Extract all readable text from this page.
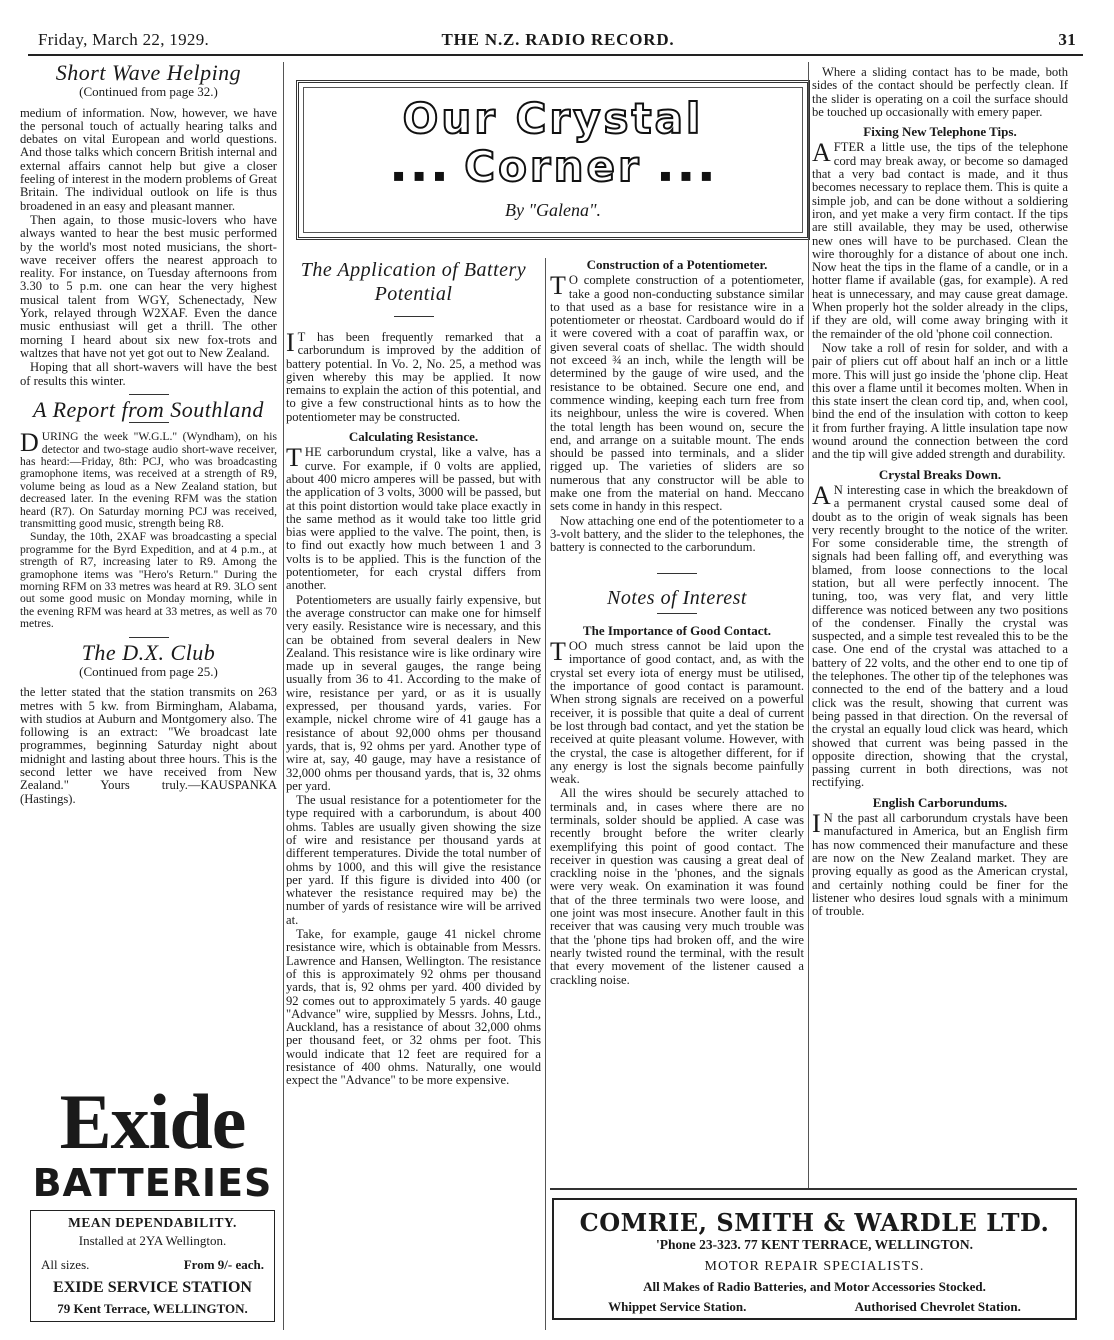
Friday, March 22, 1929.	THE N.Z. RADIO RECORD.	31
Short Wave Helping
(Continued from page 32.)

medium of information. Now, however, we have the personal touch of actually hearing talks and debates on vital European and world questions. And those talks which concern British internal and external affairs cannot help but give a closer feeling of interest in the modern problems of Great Britain. The individual outlook on life is thus broadened in an easy and pleasant manner.

Then again, to those music-lovers who have always wanted to hear the best music performed by the world's most noted musicians, the short-wave receiver offers the nearest approach to reality. For instance, on Tuesday afternoons from 3.30 to 5 p.m. one can hear the very highest musical talent from WGY, Schenectady, New York, relayed through W2XAF. Even the dance music enthusiast will get a thrill. The other morning I heard about six new fox-trots and waltzes that have not yet got out to New Zealand.

Hoping that all short-wavers will have the best of results this winter.

A Report from Southland

DURING the week "W.G.L." (Wyndham), on his detector and two-stage audio short-wave receiver, has heard:—Friday, 8th: PCJ, who was broadcasting gramophone items, was received at a strength of R9, volume being as loud as a New Zealand station, but decreased later. In the evening RFM was the station heard (R7). On Saturday morning PCJ was received, transmitting good music, strength being R8.

Sunday, the 10th, 2XAF was broadcasting a special programme for the Byrd Expedition, and at 4 p.m., at strength of R7, increasing later to R9. Among the gramophone items was "Hero's Return." During the morning RFM on 33 metres was heard at R9. 3LO sent out some good music on Monday morning, while in the evening RFM was heard at 33 metres, as well as 70 metres.

The D.X. Club
(Continued from page 25.)

the letter stated that the station transmits on 263 metres with 5 kw. from Birmingham, Alabama, with studios at Auburn and Montgomery also. The following is an extract: "We broadcast late programmes, beginning Saturday night about midnight and lasting about three hours. This is the second letter we have received from New Zealand." Yours truly.—KAUSPANKA (Hastings).

Exide
BATTERIES
MEAN DEPENDABILITY.
Installed at 2YA Wellington.
All sizes.	From 9/- each.
EXIDE SERVICE STATION
79 Kent Terrace, WELLINGTON.
Our Crystal
▪ ▪ ▪ Corner ▪ ▪ ▪
By "Galena".
The Application of Battery Potential

I T has been frequently remarked that a carborundum is improved by the addition of battery potential. In Vo. 2, No. 25, a method was given whereby this may be applied. It now remains to explain the action of this potential, and to give a few constructional hints as to how the potentiometer may be constructed.

Calculating Resistance.

THE carborundum crystal, like a valve, has a curve. For example, if 0 volts are applied, about 400 micro amperes will be passed, but with the application of 3 volts, 3000 will be passed, but at this point distortion would take place exactly in the same method as it would take too little grid bias were applied to the valve. The point, then, is to find out exactly how much between 1 and 3 volts is to be applied. This is the function of the potentiometer, for each crystal differs from another.

Potentiometers are usually fairly expensive, but the average constructor can make one for himself very easily. Resistance wire is necessary, and this can be obtained from several dealers in New Zealand. This resistance wire is like ordinary wire made up in several gauges, the range being usually from 36 to 41. According to the make of wire, resistance per yard, or as it is usually expressed, per thousand yards, varies. For example, nickel chrome wire of 41 gauge has a resistance of about 92,000 ohms per thousand yards, that is, 92 ohms per yard. Another type of wire at, say, 40 gauge, may have a resistance of 32,000 ohms per thousand yards, that is, 32 ohms per yard.

The usual resistance for a potentiometer for the type required with a carborundum, is about 400 ohms. Tables are usually given showing the size of wire and resistance per thousand yards at different temperatures. Divide the total number of ohms by 1000, and this will give the resistance per yard. If this figure is divided into 400 (or whatever the resistance required may be) the number of yards of resistance wire will be arrived at.

Take, for example, gauge 41 nickel chrome resistance wire, which is obtainable from Messrs. Lawrence and Hansen, Wellington. The resistance of this is approximately 92 ohms per thousand yards, that is, 92 ohms per yard. 400 divided by 92 comes out to approximately 5 yards. 40 gauge "Advance" wire, supplied by Messrs. Johns, Ltd., Auckland, has a resistance of about 32,000 ohms per thousand feet, or 32 ohms per foot. This would indicate that 12 feet are required for a resistance of 400 ohms. Naturally, one would expect the "Advance" to be more expensive.

Construction of a Potentiometer.

T O complete construction of a potentiometer, take a good non-conducting substance similar to that used as a base for resistance wire in a potentiometer or rheostat. Cardboard would do if it were covered with a coat of paraffin wax, or given several coats of shellac. The width should not exceed ¾ an inch, while the length will be determined by the gauge of wire used, and the resistance to be obtained. Secure one end, and commence winding, keeping each turn free from its neighbour, unless the wire is covered. When the total length has been wound on, secure the end, and arrange on a suitable mount. The ends should be passed into terminals, and a slider rigged up. The varieties of sliders are so numerous that any constructor will be able to make one from the material on hand. Meccano sets come in handy in this respect.

Now attaching one end of the potentiometer to a 3-volt battery, and the slider to the telephones, the battery is connected to the carborundum.

Notes of Interest
The Importance of Good Contact.

TOO much stress cannot be laid upon the importance of good contact, and, as with the crystal set every iota of energy must be utilised, the importance of good contact is paramount. When strong signals are received on a powerful receiver, it is possible that quite a deal of current be lost through bad contact, and yet the station be received at quite pleasant volume. However, with the crystal, the case is altogether different, for if any energy is lost the signals become painfully weak.

All the wires should be securely attached to terminals and, in cases where there are no terminals, solder should be applied. A case was recently brought before the writer clearly exemplifying this point of good contact. The receiver in question was causing a great deal of crackling noise in the 'phones, and the signals were very weak. On examination it was found that of the three terminals two were loose, and one joint was most insecure. Another fault in this receiver that was causing very much trouble was that the 'phone tips had broken off, and the wire nearly twisted round the terminal, with the result that every movement of the listener caused a crackling noise.

Where a sliding contact has to be made, both sides of the contact should be perfectly clean. If the slider is operating on a coil the surface should be touched up occasionally with emery paper.

Fixing New Telephone Tips.

AFTER a little use, the tips of the telephone cord may break away, or become so damaged that a very bad contact is made, and it thus becomes necessary to replace them. This is quite a simple job, and can be done without a soldiering iron, and yet make a very firm contact. If the tips are still available, they may be used, otherwise new ones will have to be purchased. Clean the wire thoroughly for a distance of about one inch. Now heat the tips in the flame of a candle, or in a hotter flame if available (gas, for example). A red heat is unnecessary, and may cause great damage. When properly hot the solder already in the clips, if they are old, will come away bringing with it the remainder of the old 'phone coil connection.

Now take a roll of resin for solder, and with a pair of pliers cut off about half an inch or a little more. This will just go inside the 'phone clip. Heat this over a flame until it becomes molten. When in this state insert the clean cord tip, and, when cool, bind the end of the insulation with cotton to keep it from further fraying. A little insulation tape now wound around the connection between the cord and the tip will give added strength and durability.

Crystal Breaks Down.

A N interesting case in which the breakdown of a permanent crystal caused some deal of doubt as to the origin of weak signals has been very recently brought to the notice of the writer. For some considerable time, the strength of signals had been falling off, and everything was blamed, from loose connections to the local station, but all were perfectly innocent. The tuning, too, was very flat, and very little difference was noticed between any two positions of the condenser. Finally the crystal was suspected, and a simple test revealed this to be the case. One end of the crystal was attached to a battery of 22 volts, and the other end to one tip of the telephones. The other tip of the telephones was connected to the end of the battery and a loud click was the result, showing that current was being passed in that direction. On the reversal of the crystal an equally loud click was heard, which showed that current was being passed in the opposite direction, showing that the crystal, passing current in both directions, was not rectifying.

English Carborundums.

I N the past all carborundum crystals have been manufactured in America, but an English firm has now commenced their manufacture and these are now on the New Zealand market. They are proving equally as good as the American crystal, and certainly nothing could be finer for the listener who desires loud sgnals with a minimum of trouble.

COMRIE, SMITH & WARDLE LTD.
'Phone 23-323. 77 KENT TERRACE, WELLINGTON.
MOTOR REPAIR SPECIALISTS.
All Makes of Radio Batteries, and Motor Accessories Stocked.
Whippet Service Station.	Authorised Chevrolet Station.
